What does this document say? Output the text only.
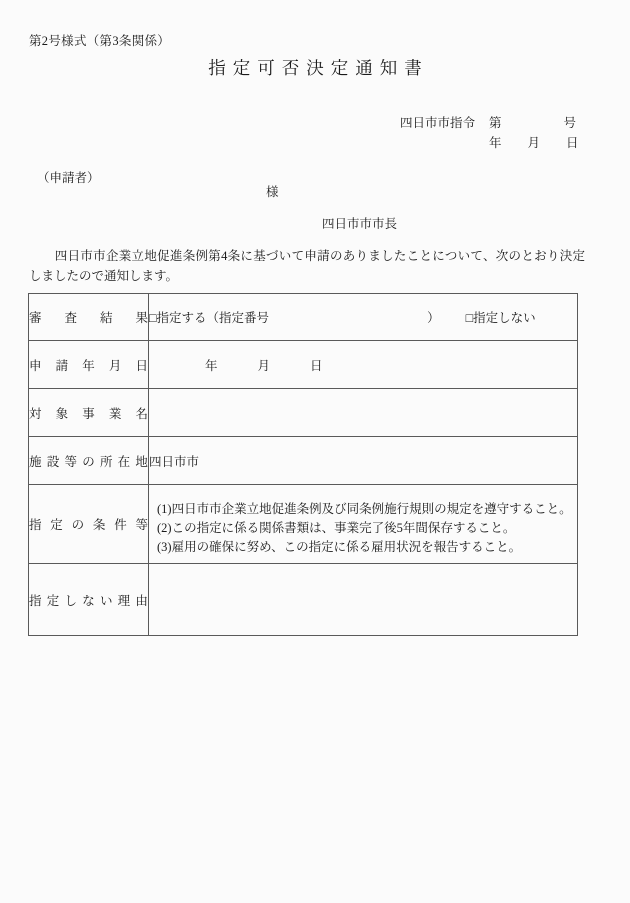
第2号様式（第3条関係）
指定可否決定通知書
四日市市指令 第	号
年 月 日
（申請者）
様
四日市市市長
　四日市市企業立地促進条例第4条に基づいて申請のありましたことについて、次のとおり決定しましたので通知します。
審 査 結 果	□指定する（指定番号 ） □指定しない

申 請 年 月 日	年 月 日

対 象 事 業 名	

施 設 等 の 所 在 地	四日市市

指 定 の 条 件 等

(1)四日市市企業立地促進条例及び同条例施行規則の規定を遵守すること。
(2)この指定に係る関係書類は、事業完了後5年間保存すること。
(3)雇用の確保に努め、この指定に係る雇用状況を報告すること。

指 定 し な い 理 由
